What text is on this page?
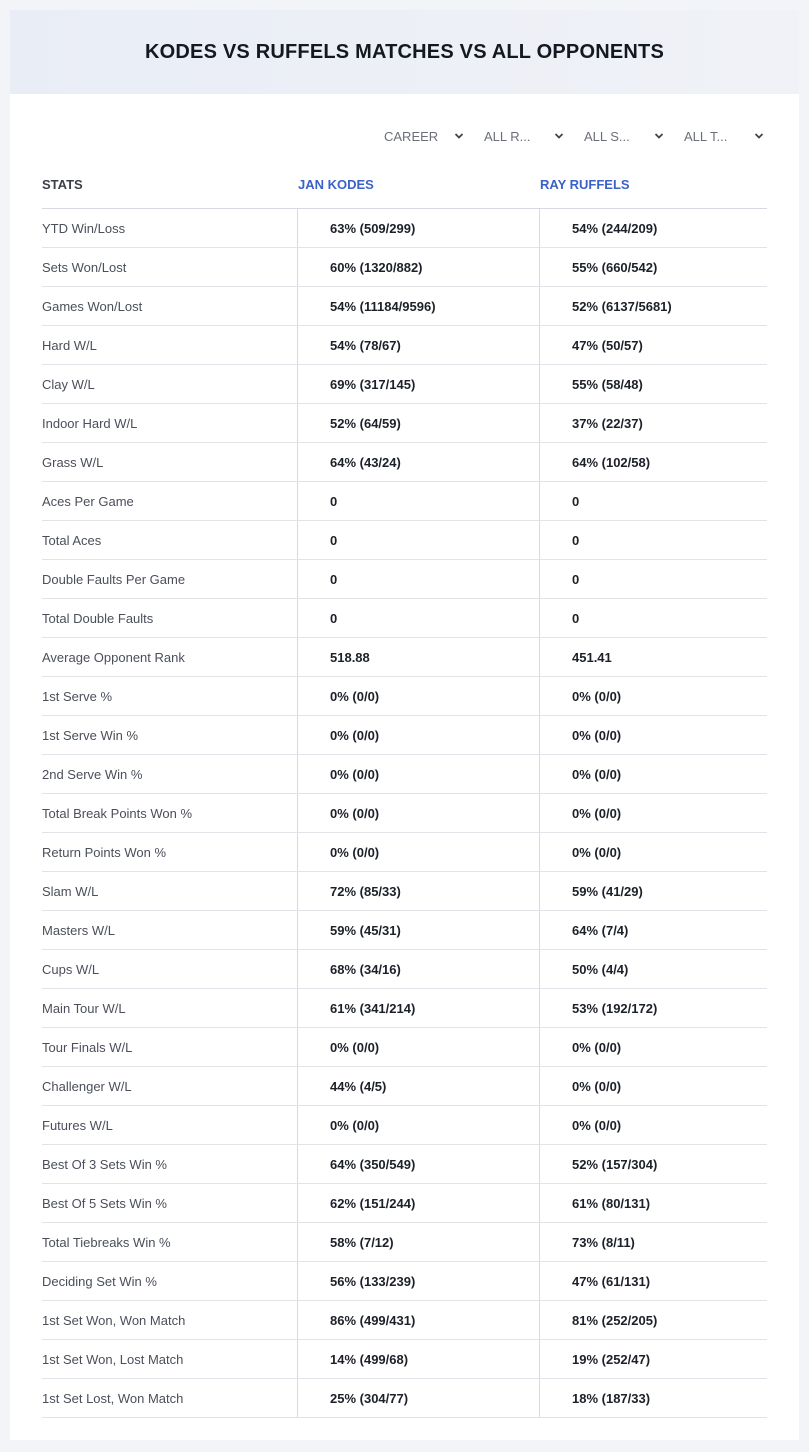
KODES VS RUFFELS MATCHES VS ALL OPPONENTS
CAREER	ALL R...	ALL S...	ALL T...
STATS	JAN KODES	RAY RUFFELS
YTD Win/Loss	63% (509/299)	54% (244/209)
Sets Won/Lost	60% (1320/882)	55% (660/542)
Games Won/Lost	54% (11184/9596)	52% (6137/5681)
Hard W/L	54% (78/67)	47% (50/57)
Clay W/L	69% (317/145)	55% (58/48)
Indoor Hard W/L	52% (64/59)	37% (22/37)
Grass W/L	64% (43/24)	64% (102/58)
Aces Per Game	0	0
Total Aces	0	0
Double Faults Per Game	0	0
Total Double Faults	0	0
Average Opponent Rank	518.88	451.41
1st Serve %	0% (0/0)	0% (0/0)
1st Serve Win %	0% (0/0)	0% (0/0)
2nd Serve Win %	0% (0/0)	0% (0/0)
Total Break Points Won %	0% (0/0)	0% (0/0)
Return Points Won %	0% (0/0)	0% (0/0)
Slam W/L	72% (85/33)	59% (41/29)
Masters W/L	59% (45/31)	64% (7/4)
Cups W/L	68% (34/16)	50% (4/4)
Main Tour W/L	61% (341/214)	53% (192/172)
Tour Finals W/L	0% (0/0)	0% (0/0)
Challenger W/L	44% (4/5)	0% (0/0)
Futures W/L	0% (0/0)	0% (0/0)
Best Of 3 Sets Win %	64% (350/549)	52% (157/304)
Best Of 5 Sets Win %	62% (151/244)	61% (80/131)
Total Tiebreaks Win %	58% (7/12)	73% (8/11)
Deciding Set Win %	56% (133/239)	47% (61/131)
1st Set Won, Won Match	86% (499/431)	81% (252/205)
1st Set Won, Lost Match	14% (499/68)	19% (252/47)
1st Set Lost, Won Match	25% (304/77)	18% (187/33)
